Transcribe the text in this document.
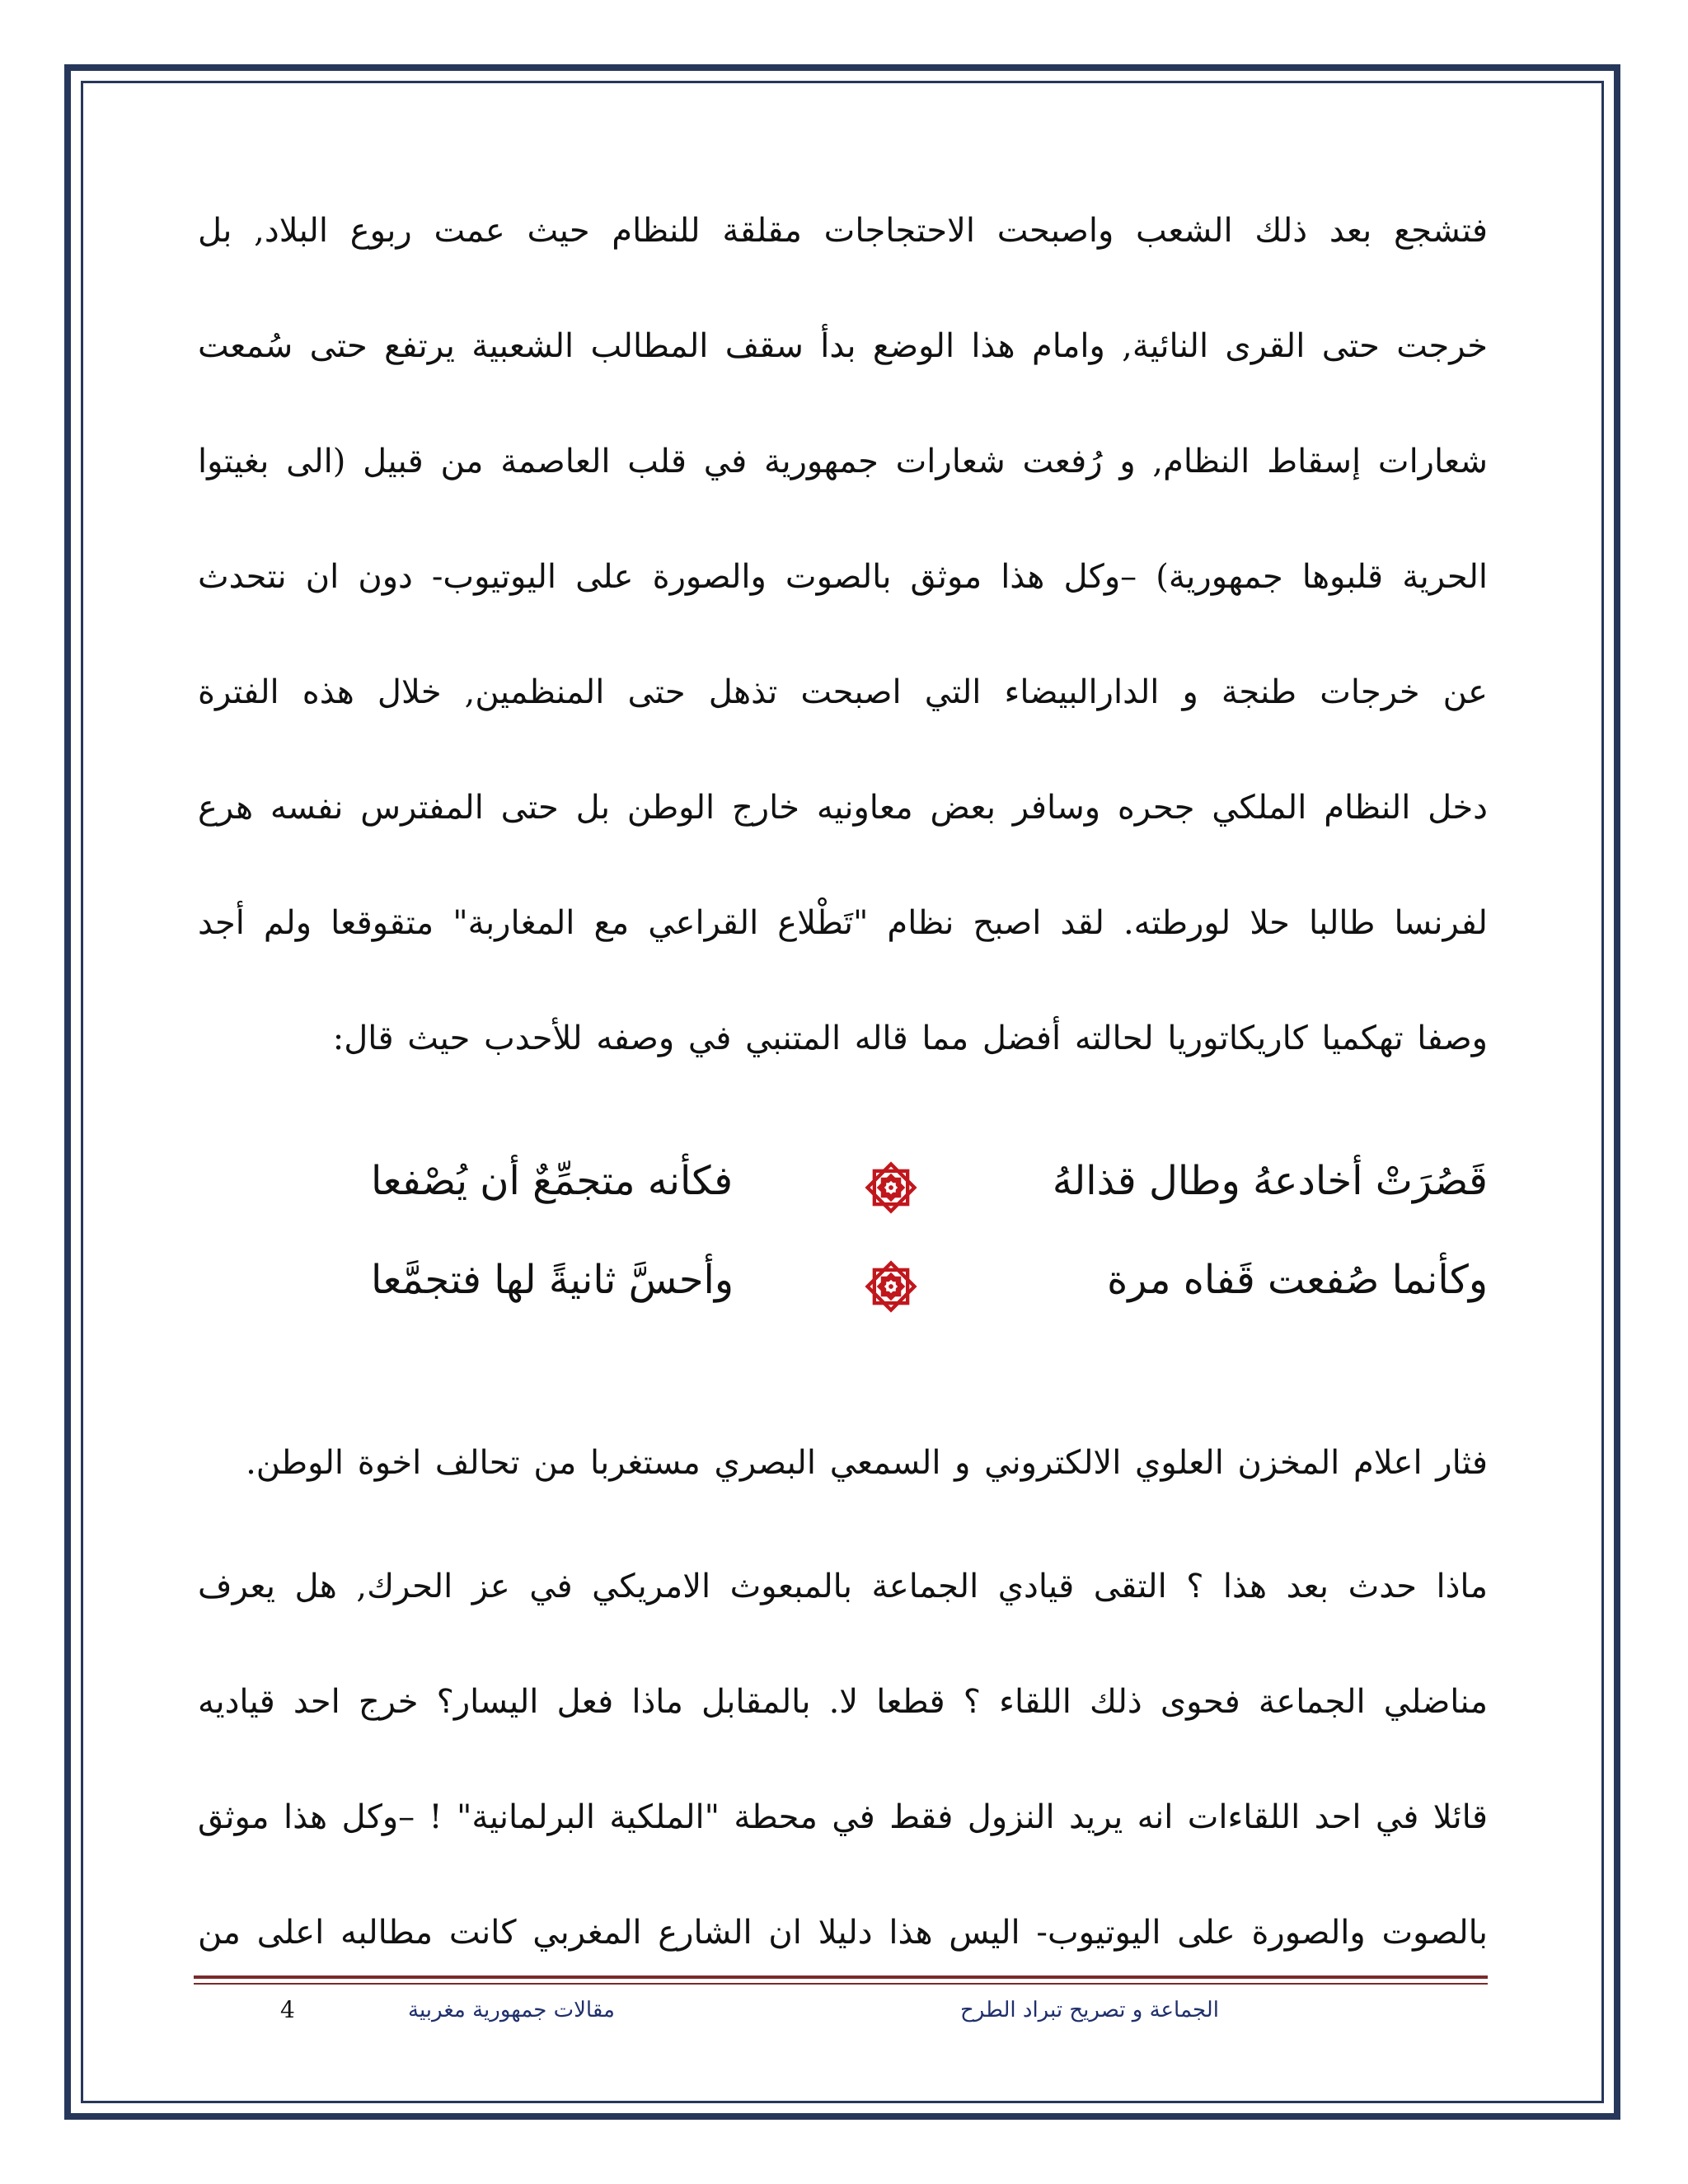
فتشجع بعد ذلك الشعب واصبحت الاحتجاجات مقلقة للنظام حيث عمت ربوع البلاد, بل
خرجت حتى القرى النائية, وامام هذا الوضع بدأ سقف المطالب الشعبية يرتفع حتى سُمعت
شعارات إسقاط النظام, و رُفعت شعارات جمهورية في قلب العاصمة من قبيل (الى بغيتوا
الحرية قلبوها جمهورية) –وكل هذا موثق بالصوت والصورة على اليوتيوب- دون ان نتحدث
عن خرجات طنجة و الدارالبيضاء التي اصبحت تذهل حتى المنظمين, خلال هذه الفترة
دخل النظام الملكي جحره وسافر بعض معاونيه خارج الوطن بل حتى المفترس نفسه هرع
لفرنسا طالبا حلا لورطته. لقد اصبح نظام "تَطْلاع القراعي مع المغاربة" متقوقعا ولم أجد
وصفا تهكميا كاريكاتوريا لحالته أفضل مما قاله المتنبي في وصفه للأحدب حيث قال:
قَصُرَتْ أخادعهُ وطال قذالهُ
فكأنه متجمِّعٌ أن يُصْفعا
وكأنما صُفعت قَفاه مرة
وأحسَّ ثانيةً لها فتجمَّعا
فثار اعلام المخزن العلوي الالكتروني و السمعي البصري مستغربا من تحالف اخوة الوطن.
ماذا حدث بعد هذا ؟ التقى قيادي الجماعة بالمبعوث الامريكي في عز الحرك, هل يعرف
مناضلي الجماعة فحوى ذلك اللقاء ؟ قطعا لا. بالمقابل ماذا فعل اليسار؟ خرج احد قياديه
قائلا في احد اللقاءات انه يريد النزول فقط في محطة "الملكية البرلمانية" ! –وكل هذا موثق
بالصوت والصورة على اليوتيوب- اليس هذا دليلا ان الشارع المغربي كانت مطالبه اعلى من
الجماعة و تصريح تبراد الطرح
مقالات جمهورية مغربية
4
